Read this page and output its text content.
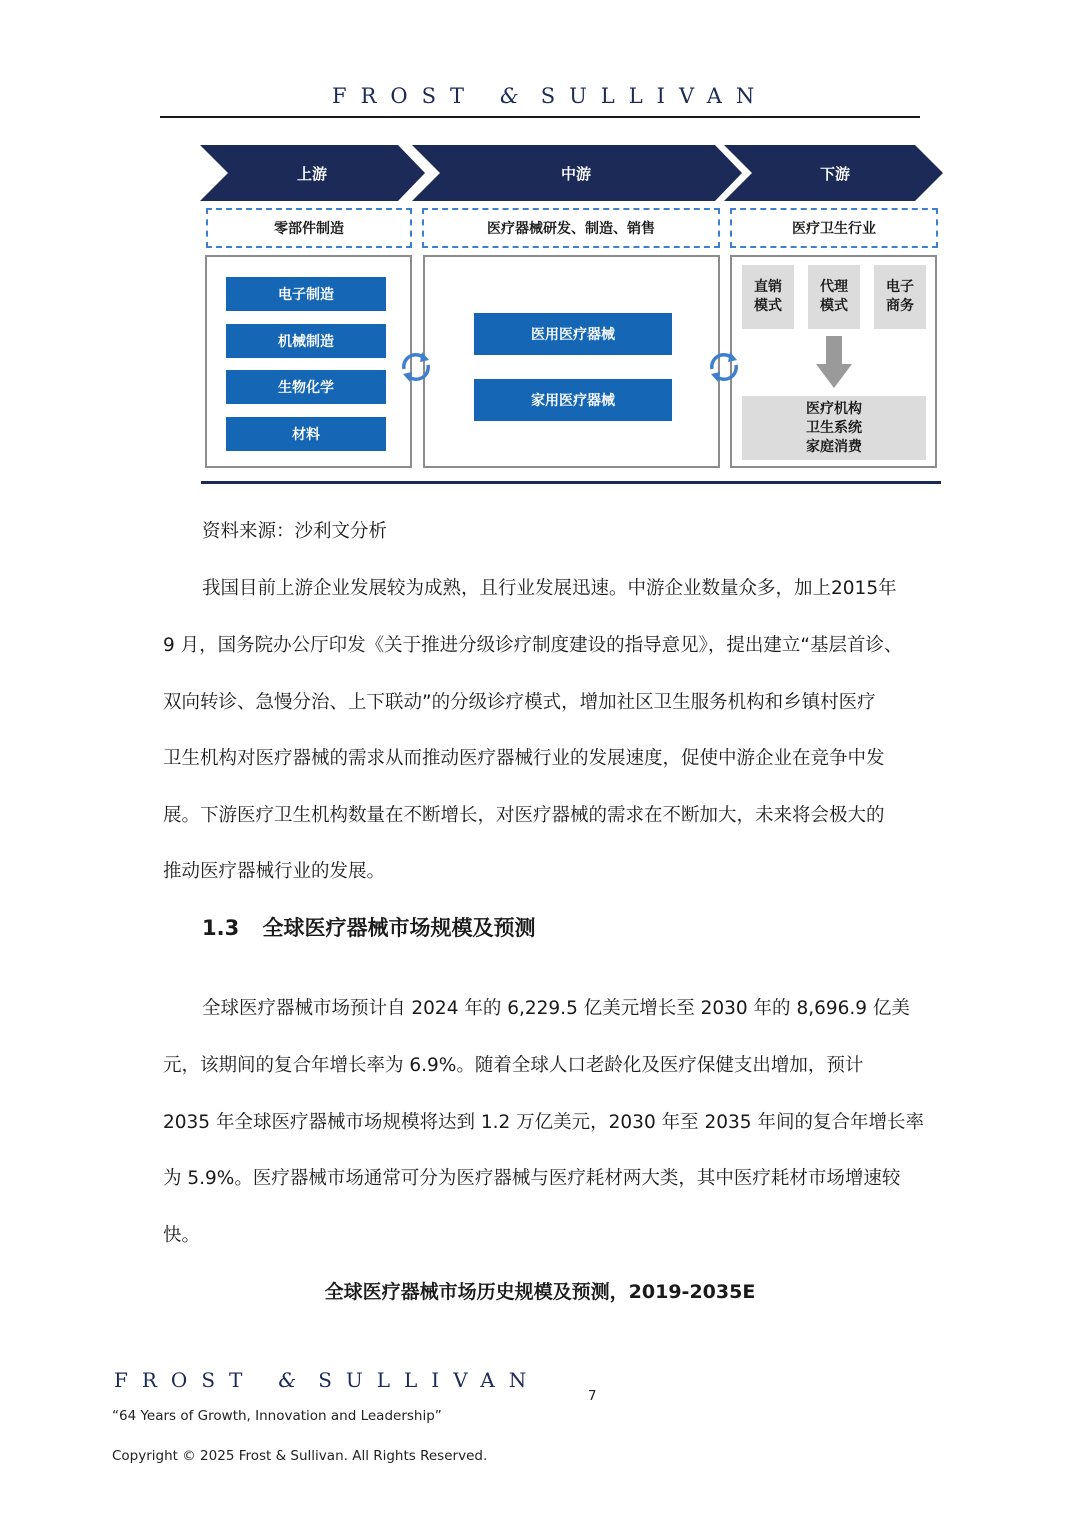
FROST & SULLIVAN
上游	中游	下游
零部件制造	医疗器械研发、制造、销售	医疗卫生行业
电子制造
机械制造
生物化学
材料
医用医疗器械
家用医疗器械
直销
模式
代理
模式
电子
商务
医疗机构
卫生系统
家庭消费
资料来源：沙利文分析
我国目前上游企业发展较为成熟，且行业发展迅速。中游企业数量众多，加上2015年
9 月，国务院办公厅印发《关于推进分级诊疗制度建设的指导意见》，提出建立“基层首诊、
双向转诊、急慢分治、上下联动”的分级诊疗模式，增加社区卫生服务机构和乡镇村医疗
卫生机构对医疗器械的需求从而推动医疗器械行业的发展速度，促使中游企业在竞争中发
展。下游医疗卫生机构数量在不断增长，对医疗器械的需求在不断加大，未来将会极大的
推动医疗器械行业的发展。
1.3 全球医疗器械市场规模及预测
全球医疗器械市场预计自 2024 年的 6,229.5 亿美元增长至 2030 年的 8,696.9 亿美
元，该期间的复合年增长率为 6.9%。随着全球人口老龄化及医疗保健支出增加，预计
2035 年全球医疗器械市场规模将达到 1.2 万亿美元，2030 年至 2035 年间的复合年增长率
为 5.9%。医疗器械市场通常可分为医疗器械与医疗耗材两大类，其中医疗耗材市场增速较
快。
全球医疗器械市场历史规模及预测，2019-2035E
FROST & SULLIVAN
7
“64 Years of Growth, Innovation and Leadership”
Copyright © 2025 Frost & Sullivan. All Rights Reserved.
